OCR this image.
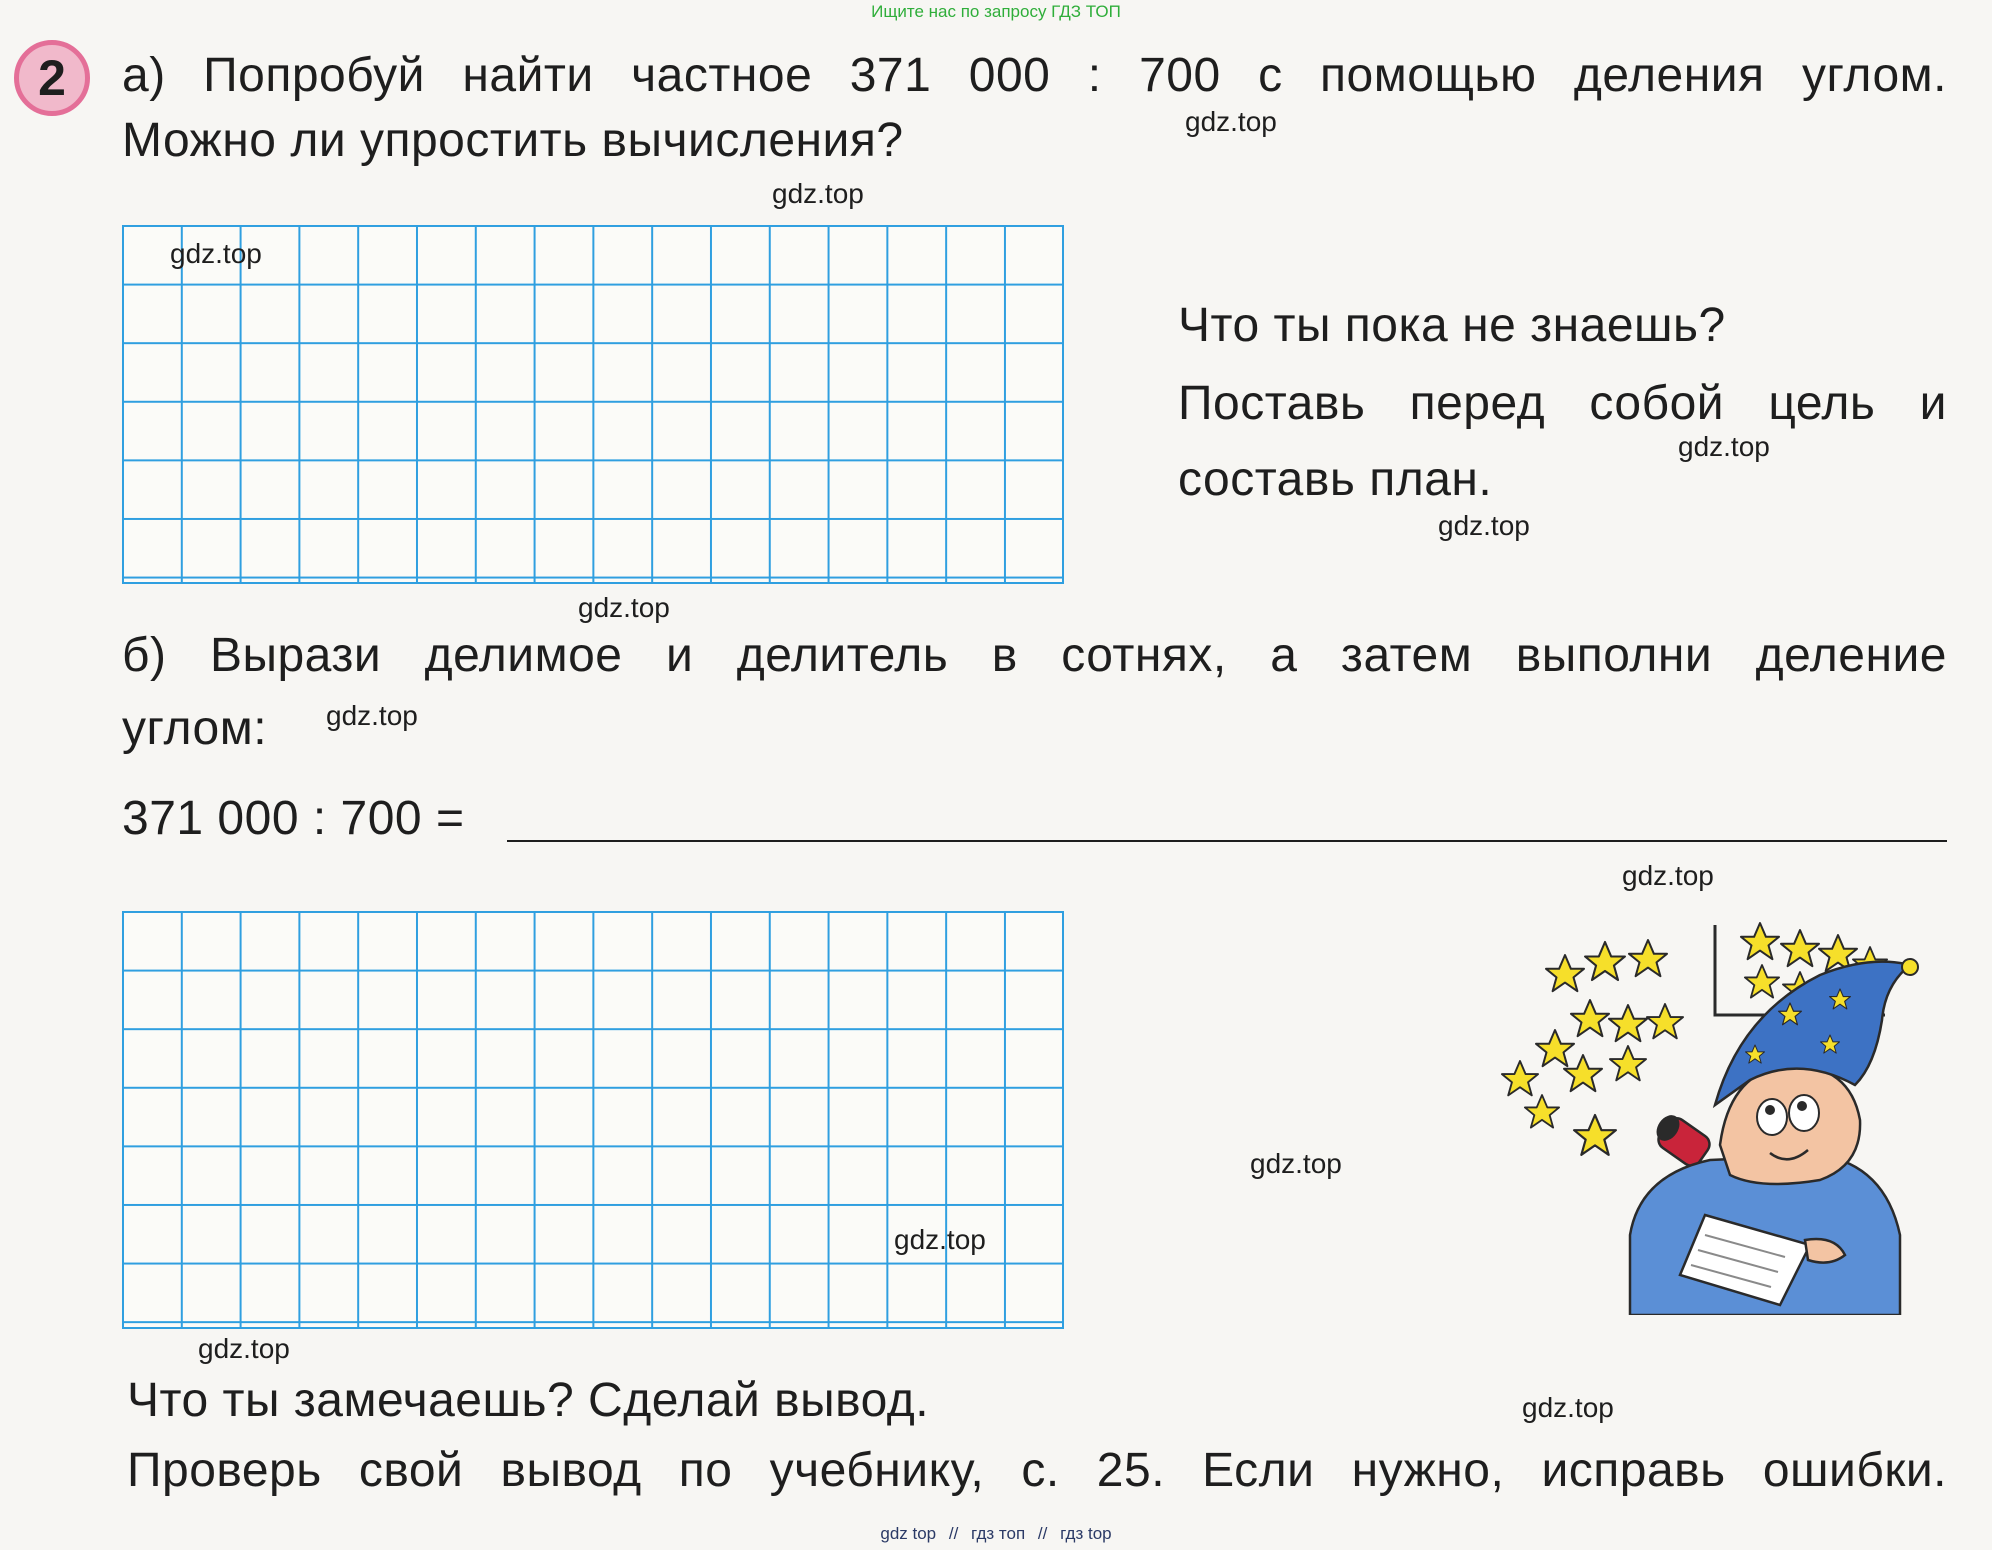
Ищите нас по запросу ГДЗ ТОП
2	а) Попробуй найти частное 371 000 : 700 с помощью деления углом.
Можно ли упростить вычисления?
Что ты пока не знаешь?
Поставь перед собой цель и
составь план.
б) Вырази делимое и делитель в сотнях, а затем выполни деление
углом:
371 000 : 700 =
Что ты замечаешь? Сделай вывод.
Проверь свой вывод по учебнику, с. 25. Если нужно, исправь ошибки.
gdz.top
gdz.top
gdz.top
gdz.top
gdz.top
gdz.top
gdz.top
gdz.top
gdz.top
gdz.top
gdz.top
gdz.top
gdz top // гдз топ // гдз top
